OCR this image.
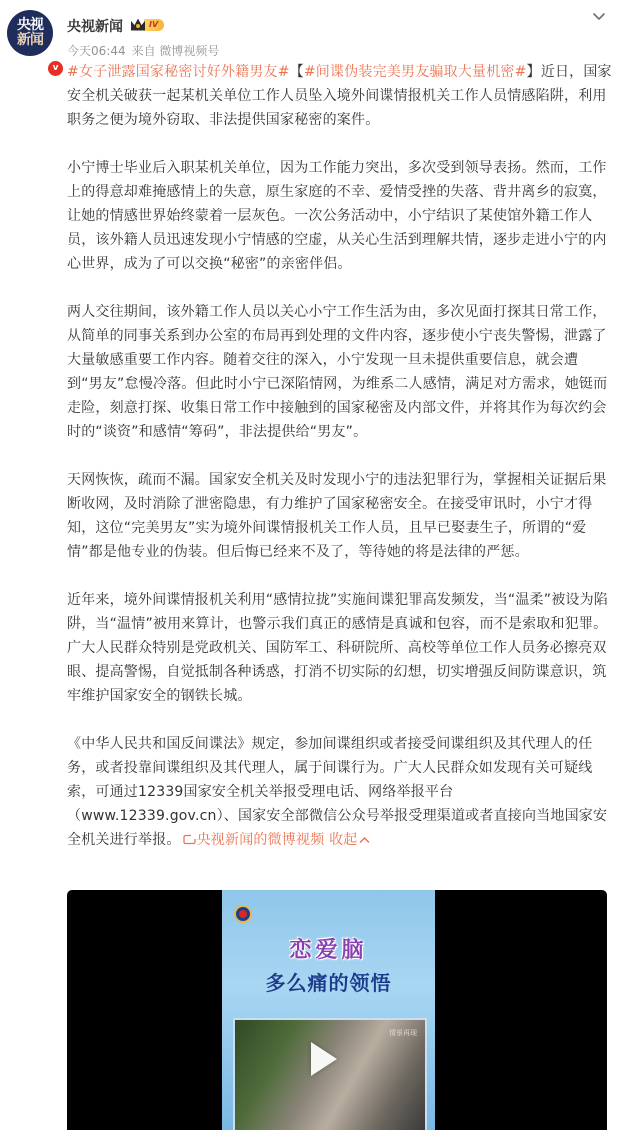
央视
新闻
v
央视新闻	IV
今天06:44 来自 微博视频号

#女子泄露国家秘密讨好外籍男友#【#间谍伪装完美男友骗取大量机密#】近日，国家安全机关破获一起某机关单位工作人员坠入境外间谍情报机关工作人员情感陷阱，利用职务之便为境外窃取、非法提供国家秘密的案件。

小宁博士毕业后入职某机关单位，因为工作能力突出，多次受到领导表扬。然而，工作上的得意却难掩感情上的失意，原生家庭的不幸、爱情受挫的失落、背井离乡的寂寞，让她的情感世界始终蒙着一层灰色。一次公务活动中，小宁结识了某使馆外籍工作人员，该外籍人员迅速发现小宁情感的空虚，从关心生活到理解共情，逐步走进小宁的内心世界，成为了可以交换“秘密”的亲密伴侣。

两人交往期间，该外籍工作人员以关心小宁工作生活为由，多次见面打探其日常工作，从简单的同事关系到办公室的布局再到处理的文件内容，逐步使小宁丧失警惕，泄露了大量敏感重要工作内容。随着交往的深入，小宁发现一旦未提供重要信息，就会遭到“男友”怠慢冷落。但此时小宁已深陷情网，为维系二人感情，满足对方需求，她铤而走险，刻意打探、收集日常工作中接触到的国家秘密及内部文件，并将其作为每次约会时的“谈资”和感情“筹码”，非法提供给“男友”。

天网恢恢，疏而不漏。国家安全机关及时发现小宁的违法犯罪行为，掌握相关证据后果断收网，及时消除了泄密隐患，有力维护了国家秘密安全。在接受审讯时，小宁才得知，这位“完美男友”实为境外间谍情报机关工作人员，且早已娶妻生子，所谓的“爱情”都是他专业的伪装。但后悔已经来不及了，等待她的将是法律的严惩。

近年来，境外间谍情报机关利用“感情拉拢”实施间谍犯罪高发频发，当“温柔”被设为陷阱，当“温情”被用来算计，也警示我们真正的感情是真诚和包容，而不是索取和犯罪。广大人民群众特别是党政机关、国防军工、科研院所、高校等单位工作人员务必擦亮双眼、提高警惕，自觉抵制各种诱惑，打消不切实际的幻想，切实增强反间防谍意识，筑牢维护国家安全的钢铁长城。

《中华人民共和国反间谍法》规定，参加间谍组织或者接受间谍组织及其代理人的任务，或者投靠间谍组织及其代理人，属于间谍行为。广大人民群众如发现有关可疑线索，可通过12339国家安全机关举报受理电话、网络举报平台（www.12339.gov.cn）、国家安全部微信公众号举报受理渠道或者直接向当地国家安全机关进行举报。 央视新闻的微博视频 收起

恋爱脑
多么痛的领悟
情景再现
